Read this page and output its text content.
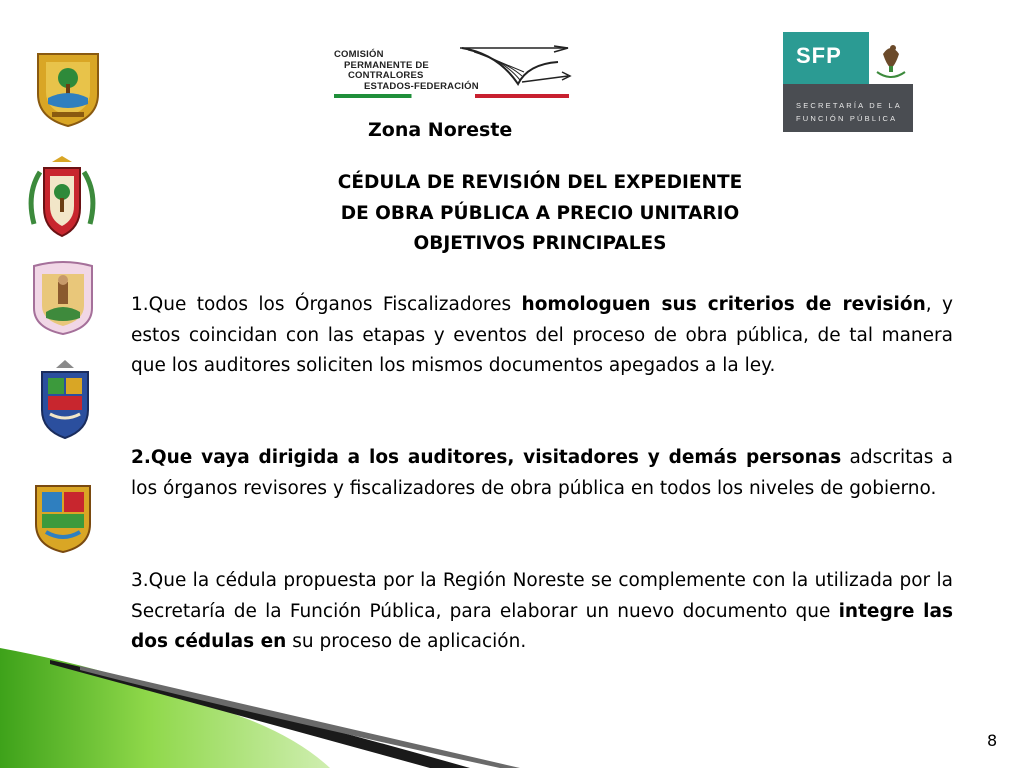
COMISIÓN
PERMANENTE DE
CONTRALORES
ESTADOS-FEDERACIÓN
SFP
SECRETARÍA DE LA
FUNCIÓN PÚBLICA
Zona Noreste
CÉDULA DE REVISIÓN DEL EXPEDIENTE
DE OBRA PÚBLICA A PRECIO UNITARIO
OBJETIVOS PRINCIPALES
1.Que todos los Órganos Fiscalizadores homologuen sus criterios de revisión, y estos coincidan con las etapas y eventos del proceso de obra pública, de tal manera que los auditores soliciten los mismos documentos apegados a la ley.
2.Que vaya dirigida a los auditores, visitadores y demás personas adscritas a los órganos revisores y fiscalizadores de obra pública en todos los niveles de gobierno.
3.Que la cédula propuesta por la Región Noreste se complemente con la utilizada por la Secretaría de la Función Pública, para elaborar un nuevo documento que integre las dos cédulas en su proceso de aplicación.
8
